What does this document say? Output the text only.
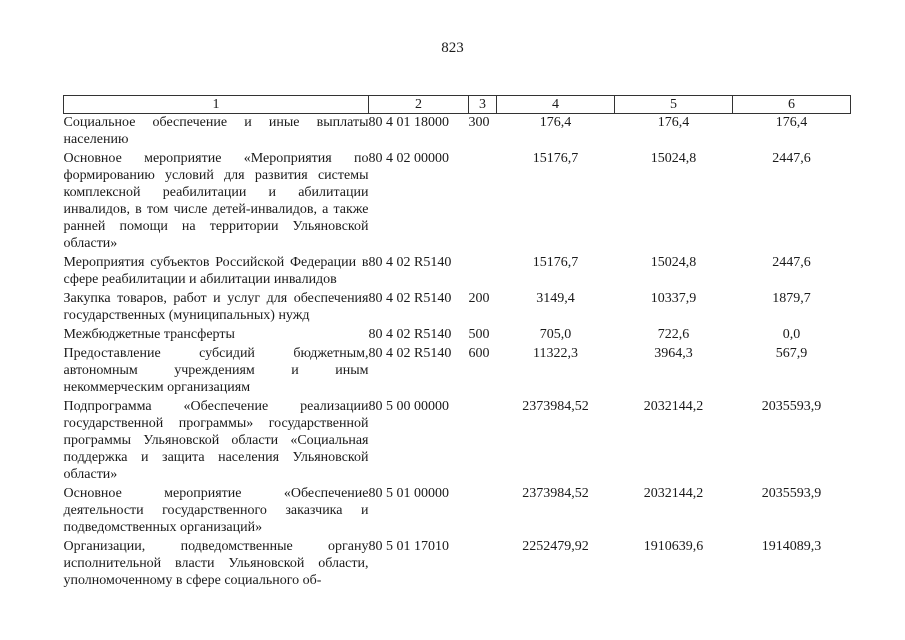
823
1	2	3	4	5	6
Социальное обеспечение и иные выплаты населению	80 4 01 18000	300	176,4	176,4	176,4
Основное мероприятие «Мероприятия по формированию условий для развития системы комплексной реабилитации и абилитации инвалидов, в том числе детей-инвалидов, а также ранней помощи на территории Ульяновской области»	80 4 02 00000		15176,7	15024,8	2447,6
Мероприятия субъектов Российской Федерации в сфере реабилитации и абилитации инвалидов	80 4 02 R5140		15176,7	15024,8	2447,6
Закупка товаров, работ и услуг для обеспечения государственных (муниципальных) нужд	80 4 02 R5140	200	3149,4	10337,9	1879,7
Межбюджетные трансферты	80 4 02 R5140	500	705,0	722,6	0,0
Предоставление субсидий бюджетным, автономным учреждениям и иным некоммерческим организациям	80 4 02 R5140	600	11322,3	3964,3	567,9
Подпрограмма «Обеспечение реализации государственной программы» государственной программы Ульяновской области «Социальная поддержка и защита населения Ульяновской области»	80 5 00 00000		2373984,52	2032144,2	2035593,9
Основное мероприятие «Обеспечение деятельности государственного заказчика и подведомственных организаций»	80 5 01 00000		2373984,52	2032144,2	2035593,9
Организации, подведомственные органу исполнительной власти Ульяновской области, уполномоченному в сфере социального об-	80 5 01 17010		2252479,92	1910639,6	1914089,3
